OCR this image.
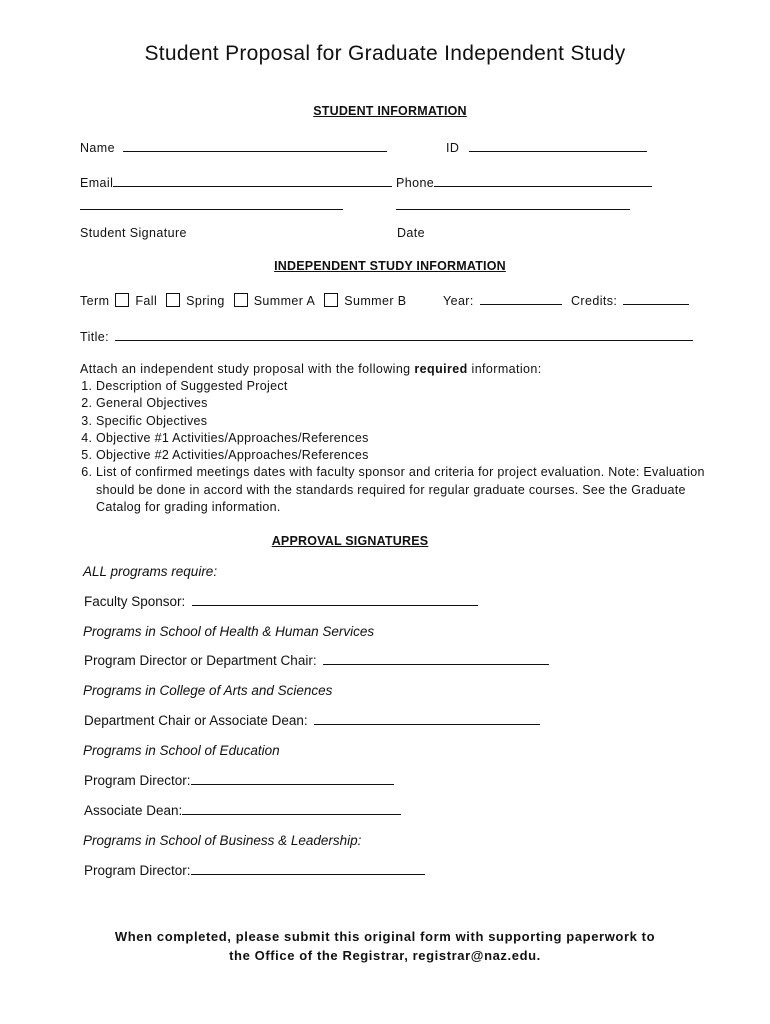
Student Proposal for Graduate Independent Study
STUDENT INFORMATION
Name	ID
Email	Phone
Student Signature	Date
INDEPENDENT STUDY INFORMATION
Term Fall Spring Summer A Summer B	Year:	Credits:
Title:
Attach an independent study proposal with the following required information:
1. Description of Suggested Project
2. General Objectives
3. Specific Objectives
4. Objective #1 Activities/Approaches/References
5. Objective #2 Activities/Approaches/References
6. List of confirmed meetings dates with faculty sponsor and criteria for project evaluation. Note: Evaluation should be done in accord with the standards required for regular graduate courses. See the Graduate Catalog for grading information.
APPROVAL SIGNATURES
ALL programs require:
Faculty Sponsor:
Programs in School of Health & Human Services
Program Director or Department Chair:
Programs in College of Arts and Sciences
Department Chair or Associate Dean:
Programs in School of Education
Program Director:
Associate Dean:
Programs in School of Business & Leadership:
Program Director:
When completed, please submit this original form with supporting paperwork to
the Office of the Registrar, registrar@naz.edu.
